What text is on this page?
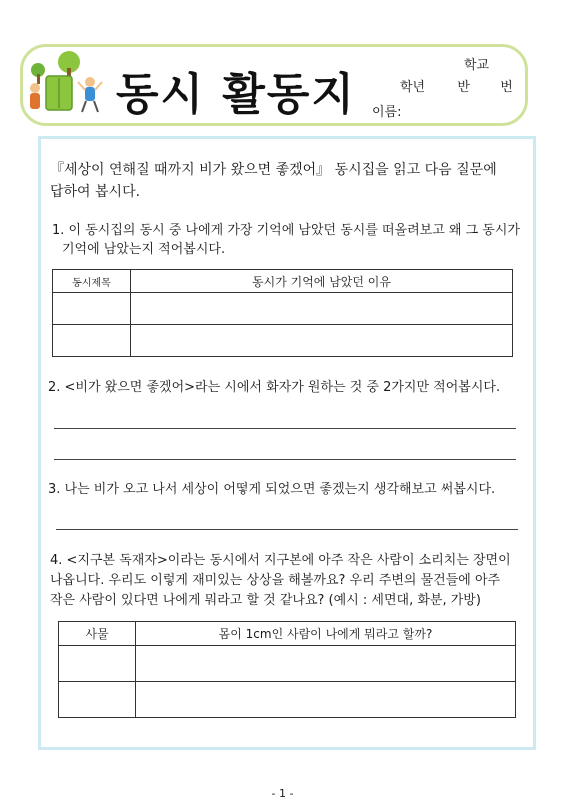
동시 활동지
학교
학년 반 번
이름:
『세상이 연해질 때까지 비가 왔으면 좋겠어』 동시집을 읽고 다음 질문에
답하여 봅시다.
1. 이 동시집의 동시 중 나에게 가장 기억에 남았던 동시를 떠올려보고 왜 그 동시가
기억에 남았는지 적어봅시다.
동시제목	동시가 기억에 남았던 이유

2. <비가 왔으면 좋겠어>라는 시에서 화자가 원하는 것 중 2가지만 적어봅시다.
3. 나는 비가 오고 나서 세상이 어떻게 되었으면 좋겠는지 생각해보고 써봅시다.
4. <지구본 독재자>이라는 동시에서 지구본에 아주 작은 사람이 소리치는 장면이
나옵니다. 우리도 이렇게 재미있는 상상을 해볼까요? 우리 주변의 물건들에 아주
작은 사람이 있다면 나에게 뭐라고 할 것 같나요? (예시 : 세면대, 화분, 가방)
사물	몸이 1cm인 사람이 나에게 뭐라고 할까?

- 1 -
